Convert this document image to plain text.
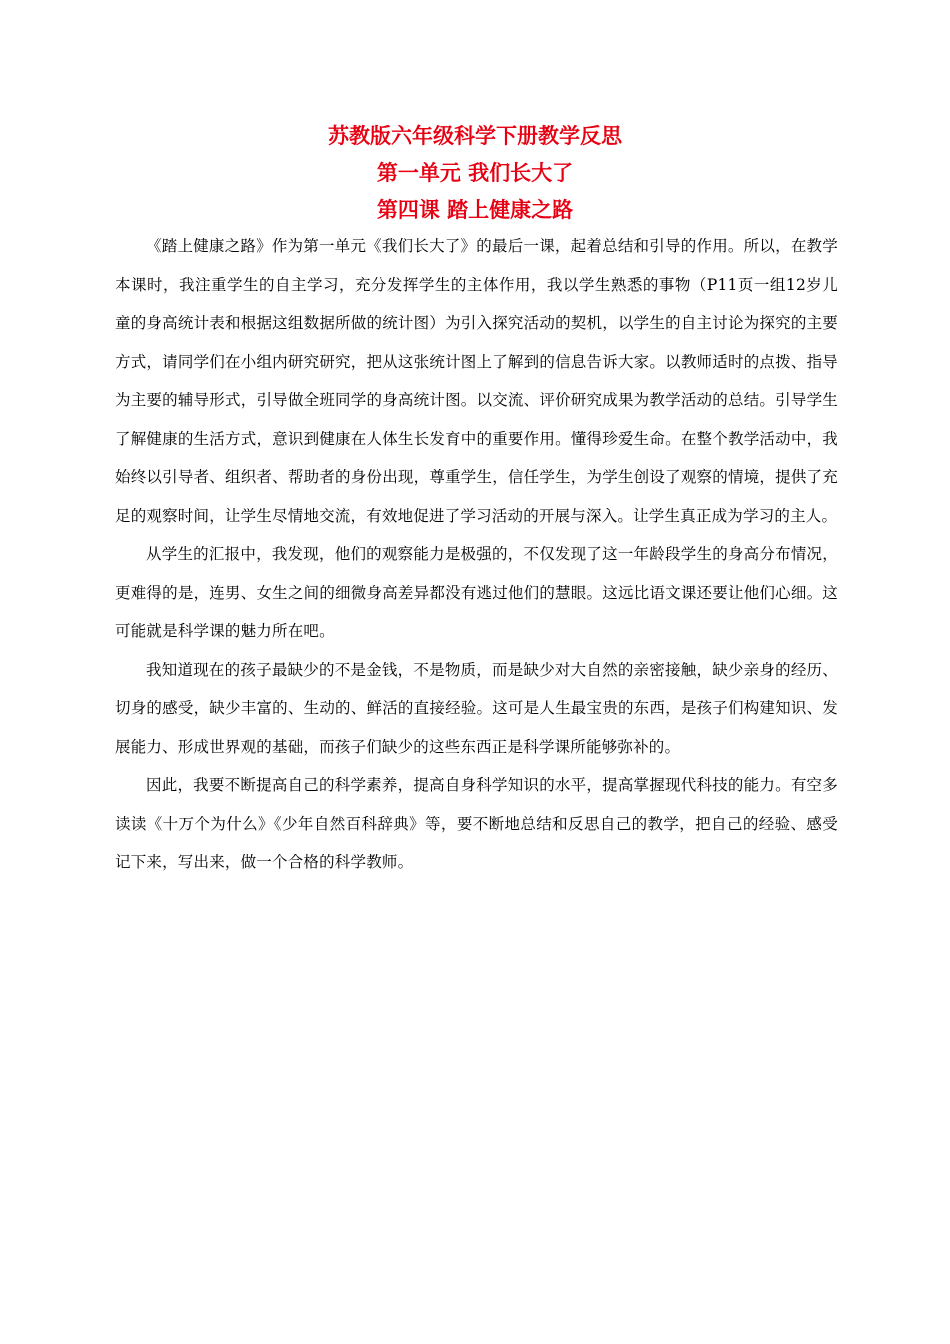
苏教版六年级科学下册教学反思

第一单元 我们长大了

第四课 踏上健康之路

《踏上健康之路》作为第一单元《我们长大了》的最后一课，起着总结和引导的作用。所以，在教学本课时，我注重学生的自主学习，充分发挥学生的主体作用，我以学生熟悉的事物（P11页一组12岁儿童的身高统计表和根据这组数据所做的统计图）为引入探究活动的契机，以学生的自主讨论为探究的主要方式，请同学们在小组内研究研究，把从这张统计图上了解到的信息告诉大家。以教师适时的点拨、指导为主要的辅导形式，引导做全班同学的身高统计图。以交流、评价研究成果为教学活动的总结。引导学生了解健康的生活方式，意识到健康在人体生长发育中的重要作用。懂得珍爱生命。在整个教学活动中，我始终以引导者、组织者、帮助者的身份出现，尊重学生，信任学生，为学生创设了观察的情境，提供了充足的观察时间，让学生尽情地交流，有效地促进了学习活动的开展与深入。让学生真正成为学习的主人。

从学生的汇报中，我发现，他们的观察能力是极强的，不仅发现了这一年龄段学生的身高分布情况，更难得的是，连男、女生之间的细微身高差异都没有逃过他们的慧眼。这远比语文课还要让他们心细。这可能就是科学课的魅力所在吧。

我知道现在的孩子最缺少的不是金钱，不是物质，而是缺少对大自然的亲密接触，缺少亲身的经历、切身的感受，缺少丰富的、生动的、鲜活的直接经验。这可是人生最宝贵的东西，是孩子们构建知识、发展能力、形成世界观的基础，而孩子们缺少的这些东西正是科学课所能够弥补的。

因此，我要不断提高自己的科学素养，提高自身科学知识的水平，提高掌握现代科技的能力。有空多读读《十万个为什么》《少年自然百科辞典》等，要不断地总结和反思自己的教学，把自己的经验、感受记下来，写出来，做一个合格的科学教师。
